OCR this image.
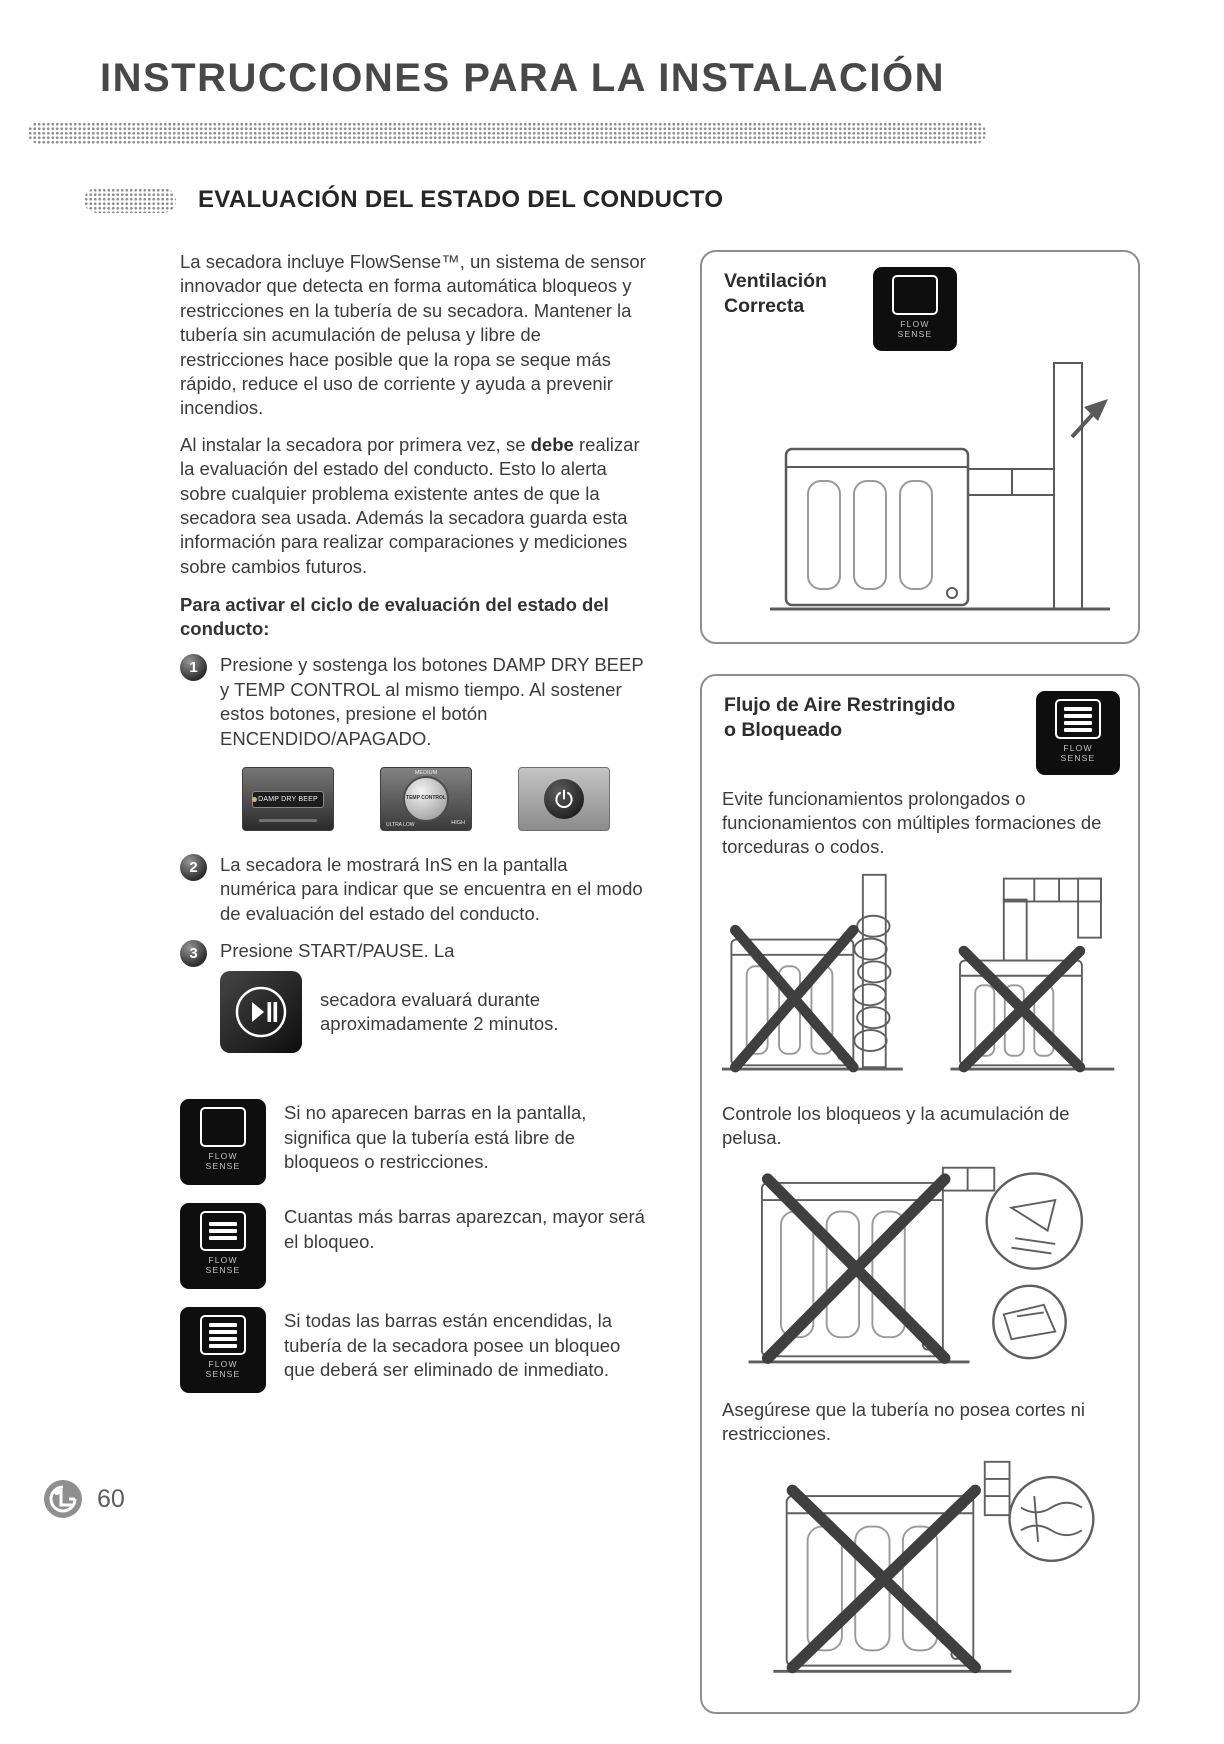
INSTRUCCIONES PARA LA INSTALACIÓN
EVALUACIÓN DEL ESTADO DEL CONDUCTO

La secadora incluye FlowSense™, un sistema de sensor innovador que detecta en forma automática bloqueos y restricciones en la tubería de su secadora. Mantener la tubería sin acumulación de pelusa y libre de restricciones hace posible que la ropa se seque más rápido, reduce el uso de corriente y ayuda a prevenir incendios.

Al instalar la secadora por primera vez, se debe realizar la evaluación del estado del conducto. Esto lo alerta sobre cualquier problema existente antes de que la secadora sea usada. Además la secadora guarda esta información para realizar comparaciones y mediciones sobre cambios futuros.

Para activar el ciclo de evaluación del estado del conducto:

1	Presione y sostenga los botones DAMP DRY BEEP y TEMP CONTROL al mismo tiempo. Al sostener estos botones, presione el botón ENCENDIDO/APAGADO.

DAMP DRY BEEP
MEDIUM
TEMP CONTROL
ULTRA LOW	HIGH
2	La secadora le mostrará InS en la pantalla numérica para indicar que se encuentra en el modo de evaluación del estado del conducto.

3	Presione START/PAUSE. La

secadora evaluará durante aproximadamente 2 minutos.

FLOW
SENSE

Si no aparecen barras en la pantalla, significa que la tubería está libre de bloqueos o restricciones.

FLOW
SENSE

Cuantas más barras aparezcan, mayor será el bloqueo.

FLOW
SENSE

Si todas las barras están encendidas, la tubería de la secadora posee un bloqueo que deberá ser eliminado de inmediato.

Ventilación
Correcta

FLOW
SENSE

Flujo de Aire Restringido
o Bloqueado

FLOW
SENSE

Evite funcionamientos prolongados o funcionamientos con múltiples formaciones de torceduras o codos.

Controle los bloqueos y la acumulación de pelusa.

Asegúrese que la tubería no posea cortes ni restricciones.

60
